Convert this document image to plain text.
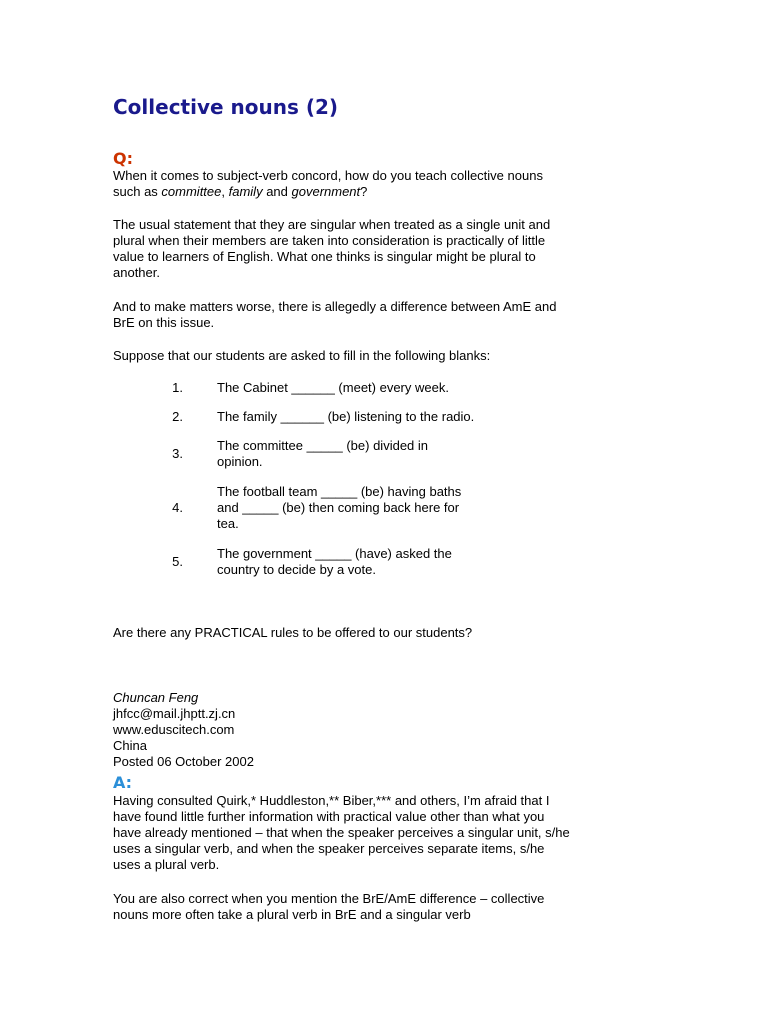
Collective nouns (2)
Q:

When it comes to subject-verb concord, how do you teach collective nouns such as committee, family and government?

The usual statement that they are singular when treated as a single unit and plural when their members are taken into consideration is practically of little value to learners of English. What one thinks is singular might be plural to another.

And to make matters worse, there is allegedly a difference between AmE and BrE on this issue.

Suppose that our students are asked to fill in the following blanks:

1.	The Cabinet ______ (meet) every week.
2.	The family ______ (be) listening to the radio.
3.
The committee _____ (be) divided in opinion.
4.
The football team _____ (be) having baths and _____ (be) then coming back here for tea.
5.
The government _____ (have) asked the country to decide by a vote.

Are there any PRACTICAL rules to be offered to our students?

Chuncan Feng
jhfcc@mail.jhptt.zj.cn
www.eduscitech.com
China
Posted 06 October 2002
A:

Having consulted Quirk,* Huddleston,** Biber,*** and others, I’m afraid that I have found little further information with practical value other than what you have already mentioned – that when the speaker perceives a singular unit, s/he uses a singular verb, and when the speaker perceives separate items, s/he uses a plural verb.

You are also correct when you mention the BrE/AmE difference – collective nouns more often take a plural verb in BrE and a singular verb
